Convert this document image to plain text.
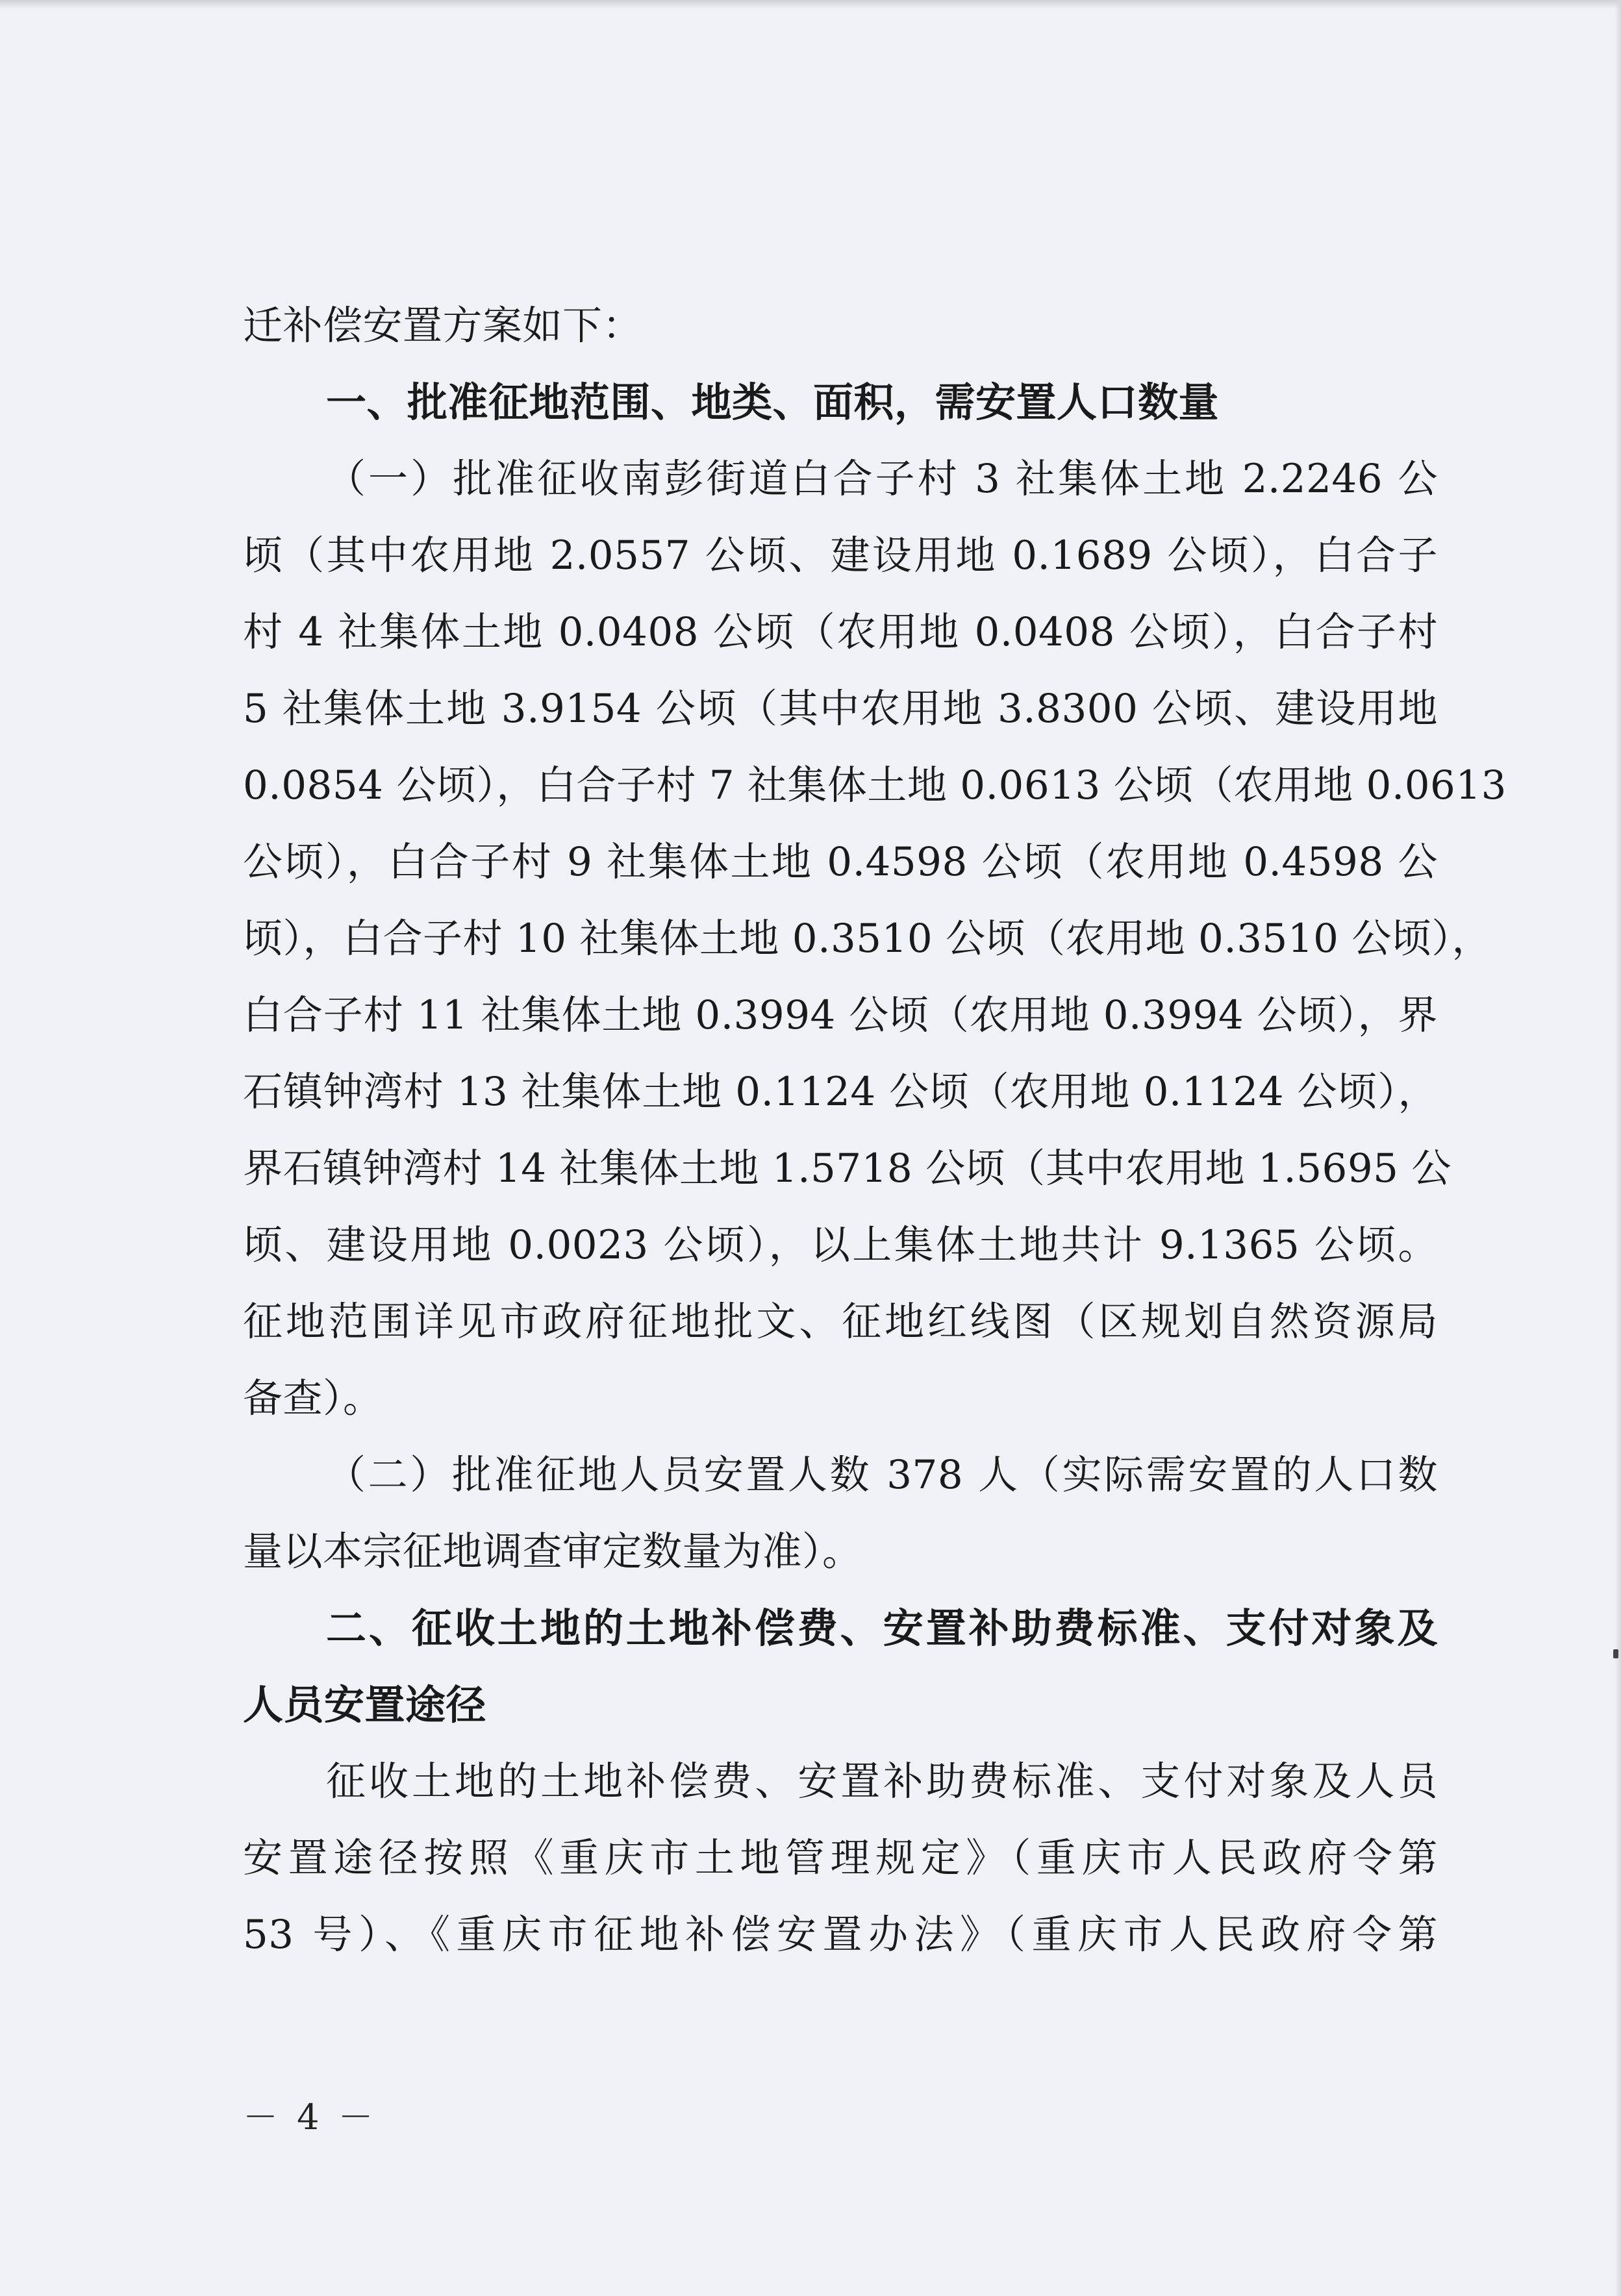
迁补偿安置方案如下：
一、批准征地范围、地类、面积，需安置人口数量
（一）批准征收南彭街道白合子村 3 社集体土地 2.2246 公
顷（其中农用地 2.0557 公顷、建设用地 0.1689 公顷），白合子
村 4 社集体土地 0.0408 公顷（农用地 0.0408 公顷），白合子村
5 社集体土地 3.9154 公顷（其中农用地 3.8300 公顷、建设用地
0.0854 公顷），白合子村 7 社集体土地 0.0613 公顷（农用地 0.0613
公顷），白合子村 9 社集体土地 0.4598 公顷（农用地 0.4598 公
顷），白合子村 10 社集体土地 0.3510 公顷（农用地 0.3510 公顷），
白合子村 11 社集体土地 0.3994 公顷（农用地 0.3994 公顷），界
石镇钟湾村 13 社集体土地 0.1124 公顷（农用地 0.1124 公顷），
界石镇钟湾村 14 社集体土地 1.5718 公顷（其中农用地 1.5695 公
顷、建设用地 0.0023 公顷），以上集体土地共计 9.1365 公顷。
征地范围详见市政府征地批文、征地红线图（区规划自然资源局
备查）。
（二）批准征地人员安置人数 378 人（实际需安置的人口数
量以本宗征地调查审定数量为准）。
二、征收土地的土地补偿费、安置补助费标准、支付对象及
人员安置途径
征收土地的土地补偿费、安置补助费标准、支付对象及人员
安置途径按照《重庆市土地管理规定》（重庆市人民政府令第
53 号）、《重庆市征地补偿安置办法》（重庆市人民政府令第
－ 4 －
